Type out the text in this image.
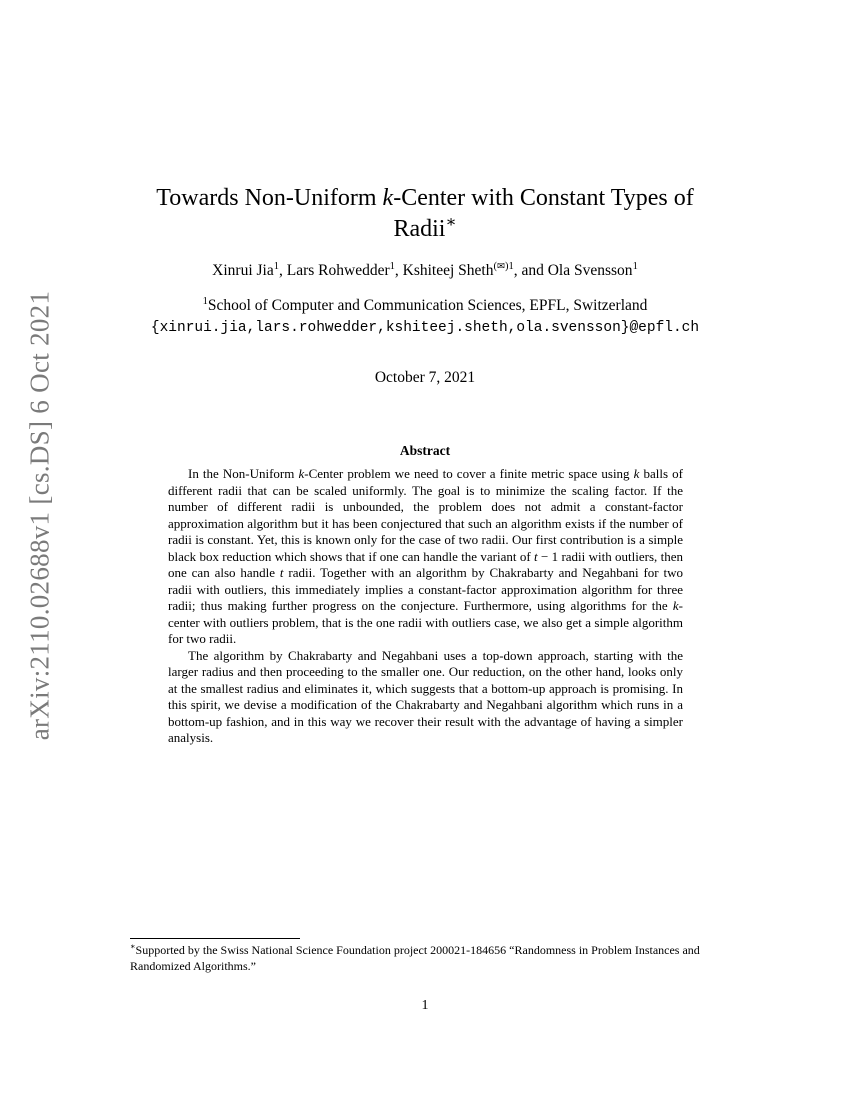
arXiv:2110.02688v1 [cs.DS] 6 Oct 2021
Towards Non-Uniform k-Center with Constant Types of Radii∗
Xinrui Jia$^1$, Lars Rohwedder$^1$, Kshiteej Sheth$^{(✉)1}$, and Ola Svensson$^1$
$^1$School of Computer and Communication Sciences, EPFL, Switzerland
{xinrui.jia,lars.rohwedder,kshiteej.sheth,ola.svensson}@epfl.ch
October 7, 2021
Abstract

In the Non-Uniform k-Center problem we need to cover a finite metric space using k balls of different radii that can be scaled uniformly. The goal is to minimize the scaling factor. If the number of different radii is unbounded, the problem does not admit a constant-factor approximation algorithm but it has been conjectured that such an algorithm exists if the number of radii is constant. Yet, this is known only for the case of two radii. Our first contribution is a simple black box reduction which shows that if one can handle the variant of t − 1 radii with outliers, then one can also handle t radii. Together with an algorithm by Chakrabarty and Negahbani for two radii with outliers, this immediately implies a constant-factor approximation algorithm for three radii; thus making further progress on the conjecture. Furthermore, using algorithms for the k-center with outliers problem, that is the one radii with outliers case, we also get a simple algorithm for two radii.

The algorithm by Chakrabarty and Negahbani uses a top-down approach, starting with the larger radius and then proceeding to the smaller one. Our reduction, on the other hand, looks only at the smallest radius and eliminates it, which suggests that a bottom-up approach is promising. In this spirit, we devise a modification of the Chakrabarty and Negahbani algorithm which runs in a bottom-up fashion, and in this way we recover their result with the advantage of having a simpler analysis.

∗Supported by the Swiss National Science Foundation project 200021-184656 “Randomness in Problem Instances and Randomized Algorithms.”
1
